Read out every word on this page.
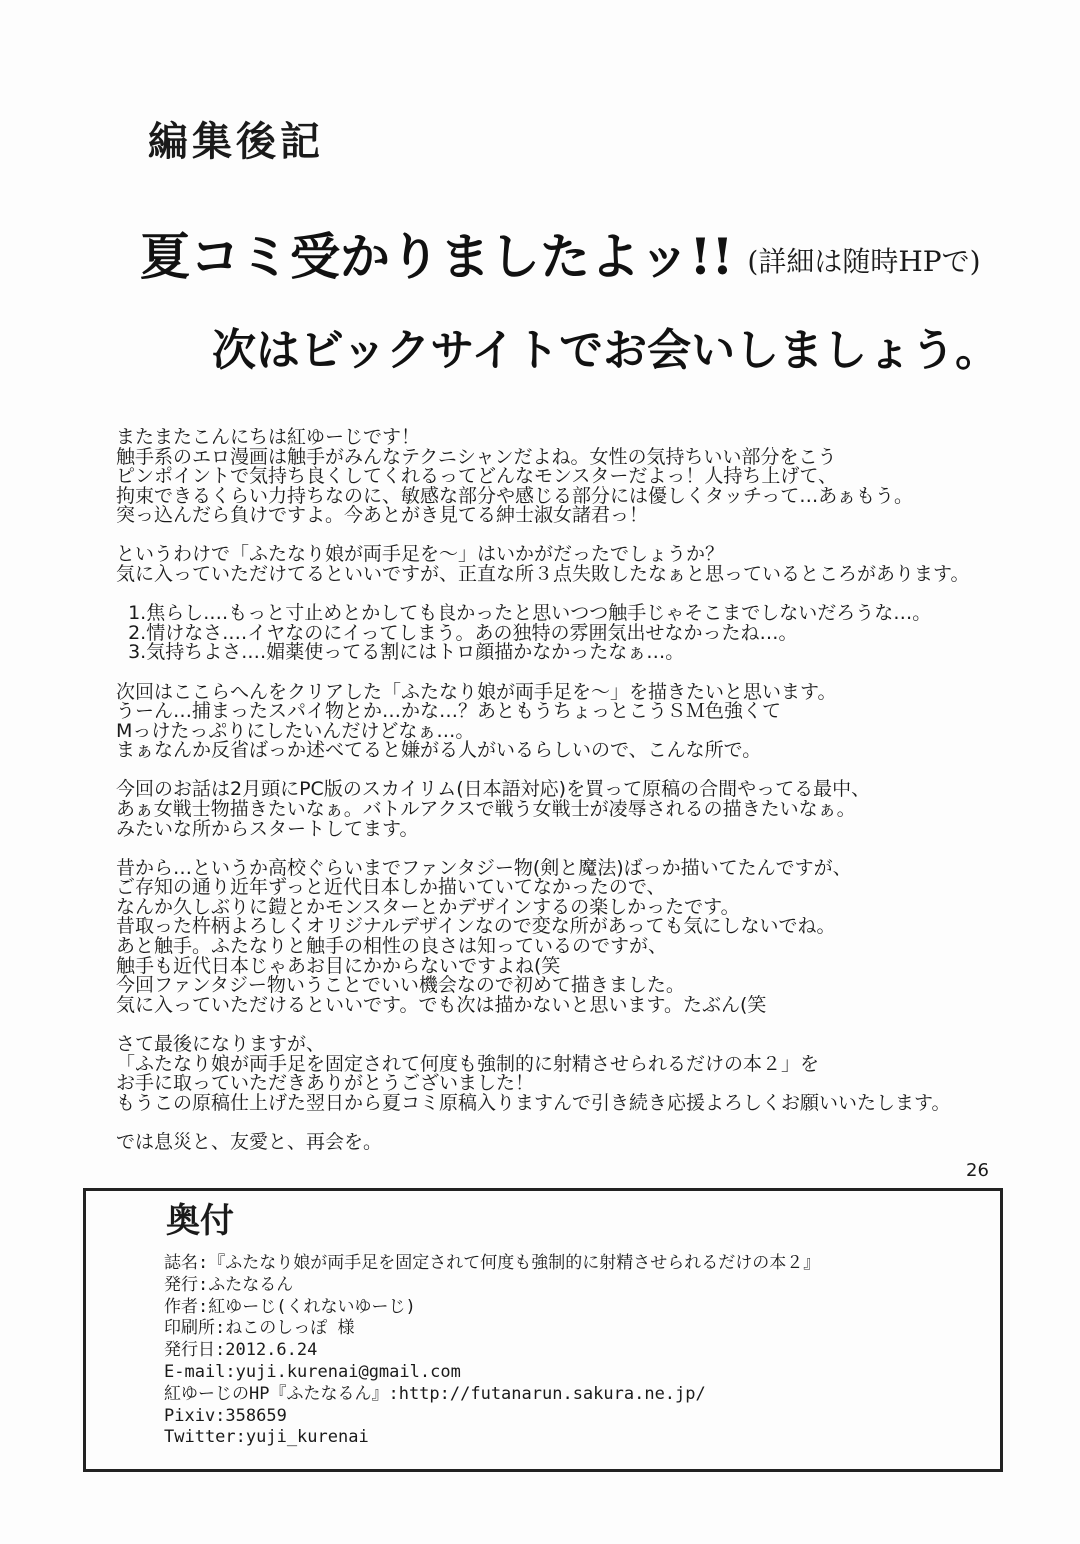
編集後記
夏コミ受かりましたよッ!! (詳細は随時HPで)
次はビックサイトでお会いしましょう。
またまたこんにちは紅ゆーじです！
触手系のエロ漫画は触手がみんなテクニシャンだよね。女性の気持ちいい部分をこう
ピンポイントで気持ち良くしてくれるってどんなモンスターだよっ！人持ち上げて、
拘束できるくらい力持ちなのに、敏感な部分や感じる部分には優しくタッチって…あぁもう。
突っ込んだら負けですよ。今あとがき見てる紳士淑女諸君っ！
というわけで「ふたなり娘が両手足を～」はいかがだったでしょうか？
気に入っていただけてるといいですが、正直な所３点失敗したなぁと思っているところがあります。
1.焦らし.…もっと寸止めとかしても良かったと思いつつ触手じゃそこまでしないだろうな…。
2.情けなさ.…イヤなのにイってしまう。あの独特の雰囲気出せなかったね…。
3.気持ちよさ.…媚薬使ってる割にはトロ顔描かなかったなぁ…。
次回はここらへんをクリアした「ふたなり娘が両手足を～」を描きたいと思います。
うーん…捕まったスパイ物とか…かな…？あともうちょっとこうＳＭ色強くて
Mっけたっぷりにしたいんだけどなぁ…。
まぁなんか反省ばっか述べてると嫌がる人がいるらしいので、こんな所で。
今回のお話は2月頭にPC版のスカイリム(日本語対応)を買って原稿の合間やってる最中、
あぁ女戦士物描きたいなぁ。バトルアクスで戦う女戦士が凌辱されるの描きたいなぁ。
みたいな所からスタートしてます。
昔から…というか高校ぐらいまでファンタジー物(剣と魔法)ばっか描いてたんですが、
ご存知の通り近年ずっと近代日本しか描いていてなかったので、
なんか久しぶりに鎧とかモンスターとかデザインするの楽しかったです。
昔取った杵柄よろしくオリジナルデザインなので変な所があっても気にしないでね。
あと触手。ふたなりと触手の相性の良さは知っているのですが、
触手も近代日本じゃあお目にかからないですよね(笑
今回ファンタジー物いうことでいい機会なので初めて描きました。
気に入っていただけるといいです。でも次は描かないと思います。たぶん(笑
さて最後になりますが、
「ふたなり娘が両手足を固定されて何度も強制的に射精させられるだけの本２」を
お手に取っていただきありがとうございました！
もうこの原稿仕上げた翌日から夏コミ原稿入りますんで引き続き応援よろしくお願いいたします。
では息災と、友愛と、再会を。
26
奥付
誌名:『ふたなり娘が両手足を固定されて何度も強制的に射精させられるだけの本２』
発行:ふたなるん
作者:紅ゆーじ(くれないゆーじ)
印刷所:ねこのしっぽ 様
発行日:2012.6.24
E-mail:yuji.kurenai@gmail.com
紅ゆーじのHP『ふたなるん』:http://futanarun.sakura.ne.jp/
Pixiv:358659
Twitter:yuji_kurenai
